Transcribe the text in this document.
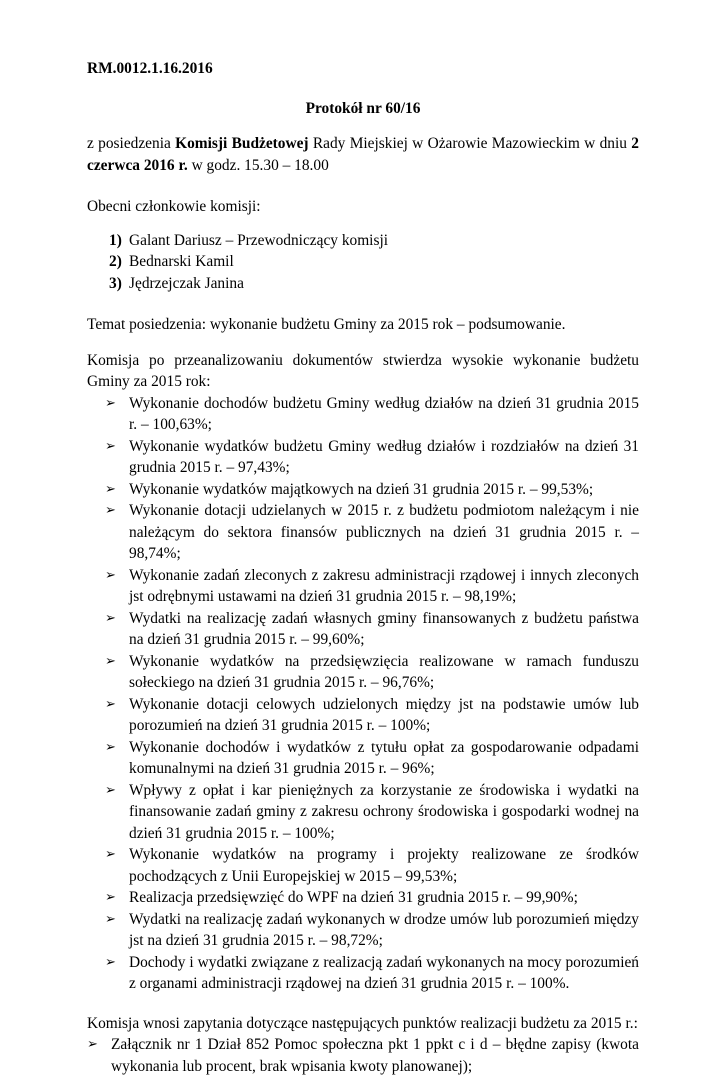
RM.0012.1.16.2016
Protokół nr 60/16
z posiedzenia Komisji Budżetowej Rady Miejskiej w Ożarowie Mazowieckim w dniu 2 czerwca 2016 r. w godz. 15.30 – 18.00
Obecni członkowie komisji:
1) Galant Dariusz – Przewodniczący komisji
2) Bednarski Kamil
3) Jędrzejczak Janina
Temat posiedzenia: wykonanie budżetu Gminy za 2015 rok – podsumowanie.
Komisja po przeanalizowaniu dokumentów stwierdza wysokie wykonanie budżetu Gminy za 2015 rok:
➢ Wykonanie dochodów budżetu Gminy według działów na dzień 31 grudnia 2015 r. – 100,63%;
➢ Wykonanie wydatków budżetu Gminy według działów i rozdziałów na dzień 31 grudnia 2015 r. – 97,43%;
➢ Wykonanie wydatków majątkowych na dzień 31 grudnia 2015 r. – 99,53%;
➢ Wykonanie dotacji udzielanych w 2015 r. z budżetu podmiotom należącym i nie należącym do sektora finansów publicznych na dzień 31 grudnia 2015 r. – 98,74%;
➢ Wykonanie zadań zleconych z zakresu administracji rządowej i innych zleconych jst odrębnymi ustawami na dzień 31 grudnia 2015 r. – 98,19%;
➢ Wydatki na realizację zadań własnych gminy finansowanych z budżetu państwa na dzień 31 grudnia 2015 r. – 99,60%;
➢ Wykonanie wydatków na przedsięwzięcia realizowane w ramach funduszu sołeckiego na dzień 31 grudnia 2015 r. – 96,76%;
➢ Wykonanie dotacji celowych udzielonych między jst na podstawie umów lub porozumień na dzień 31 grudnia 2015 r. – 100%;
➢ Wykonanie dochodów i wydatków z tytułu opłat za gospodarowanie odpadami komunalnymi na dzień 31 grudnia 2015 r. – 96%;
➢ Wpływy z opłat i kar pieniężnych za korzystanie ze środowiska i wydatki na finansowanie zadań gminy z zakresu ochrony środowiska i gospodarki wodnej na dzień 31 grudnia 2015 r. – 100%;
➢ Wykonanie wydatków na programy i projekty realizowane ze środków pochodzących z Unii Europejskiej w 2015 – 99,53%;
➢ Realizacja przedsięwzięć do WPF na dzień 31 grudnia 2015 r. – 99,90%;
➢ Wydatki na realizację zadań wykonanych w drodze umów lub porozumień między jst na dzień 31 grudnia 2015 r. – 98,72%;
➢ Dochody i wydatki związane z realizacją zadań wykonanych na mocy porozumień z organami administracji rządowej na dzień 31 grudnia 2015 r. – 100%.
Komisja wnosi zapytania dotyczące następujących punktów realizacji budżetu za 2015 r.:
➢ Załącznik nr 1 Dział 852 Pomoc społeczna pkt 1 ppkt c i d – błędne zapisy (kwota wykonania lub procent, brak wpisania kwoty planowanej);
